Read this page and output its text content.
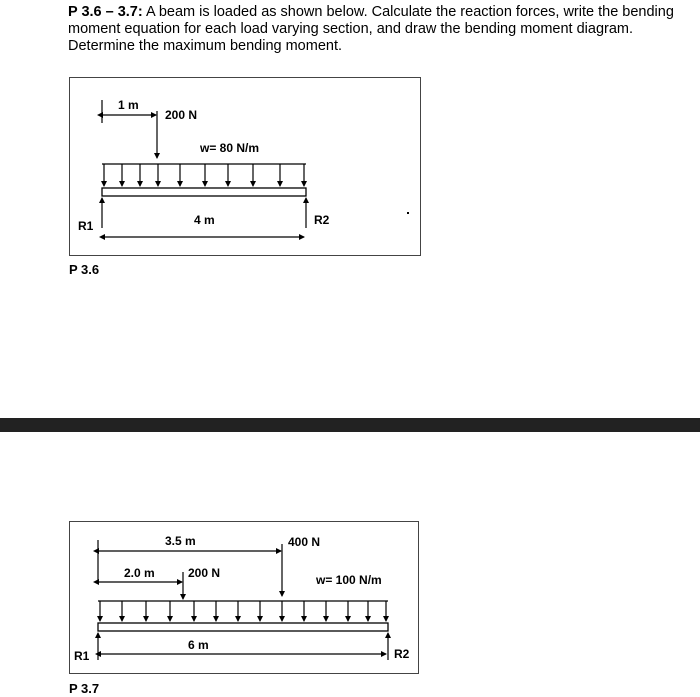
P 3.6 – 3.7: A beam is loaded as shown below. Calculate the reaction forces, write the bending moment equation for each load varying section, and draw the bending moment diagram. Determine the maximum bending moment.
1 m
200 N
w= 80 N/m
R1	R2
4 m
P 3.6
3.5 m	400 N
2.0 m	200 N	w= 100 N/m
R1	R2
6 m
P 3.7
